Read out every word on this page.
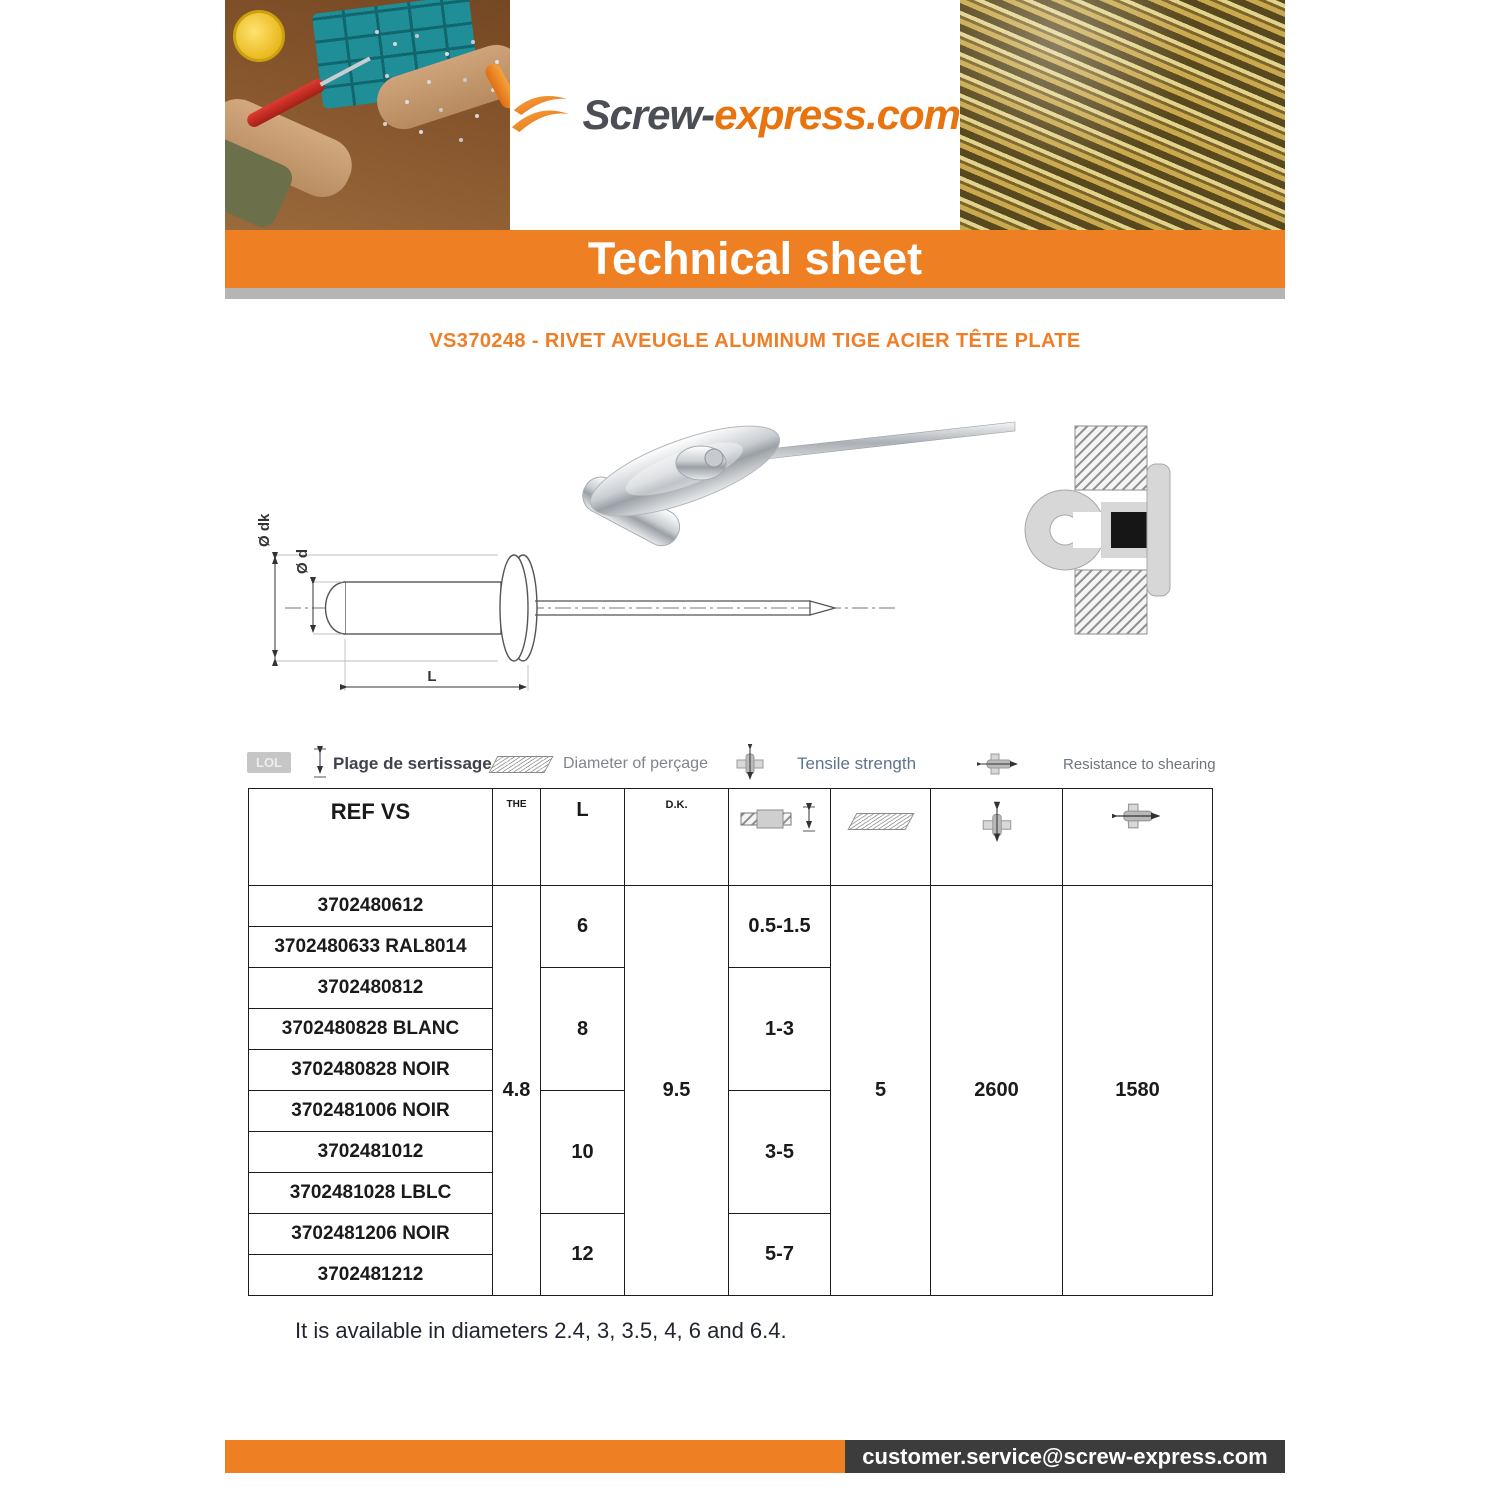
Screw-express.com
Technical sheet
VS370248 - RIVET AVEUGLE ALUMINUM TIGE ACIER TÊTE PLATE
Ø dk
Ø d
L
LOL	Plage de sertissage	Diameter of perçage	Tensile strength	Resistance to shearing
REF VS	THE	L	D.K.				
3702480612	4.8	6	9.5	0.5-1.5	5	2600	1580
3702480633 RAL8014							
3702480812		8		1-3			
3702480828 BLANC							
3702480828 NOIR							
3702481006 NOIR		10		3-5			
3702481012							
3702481028 LBLC							
3702481206 NOIR		12		5-7			
3702481212							
It is available in diameters 2.4, 3, 3.5, 4, 6 and 6.4.
customer.service@screw-express.com
